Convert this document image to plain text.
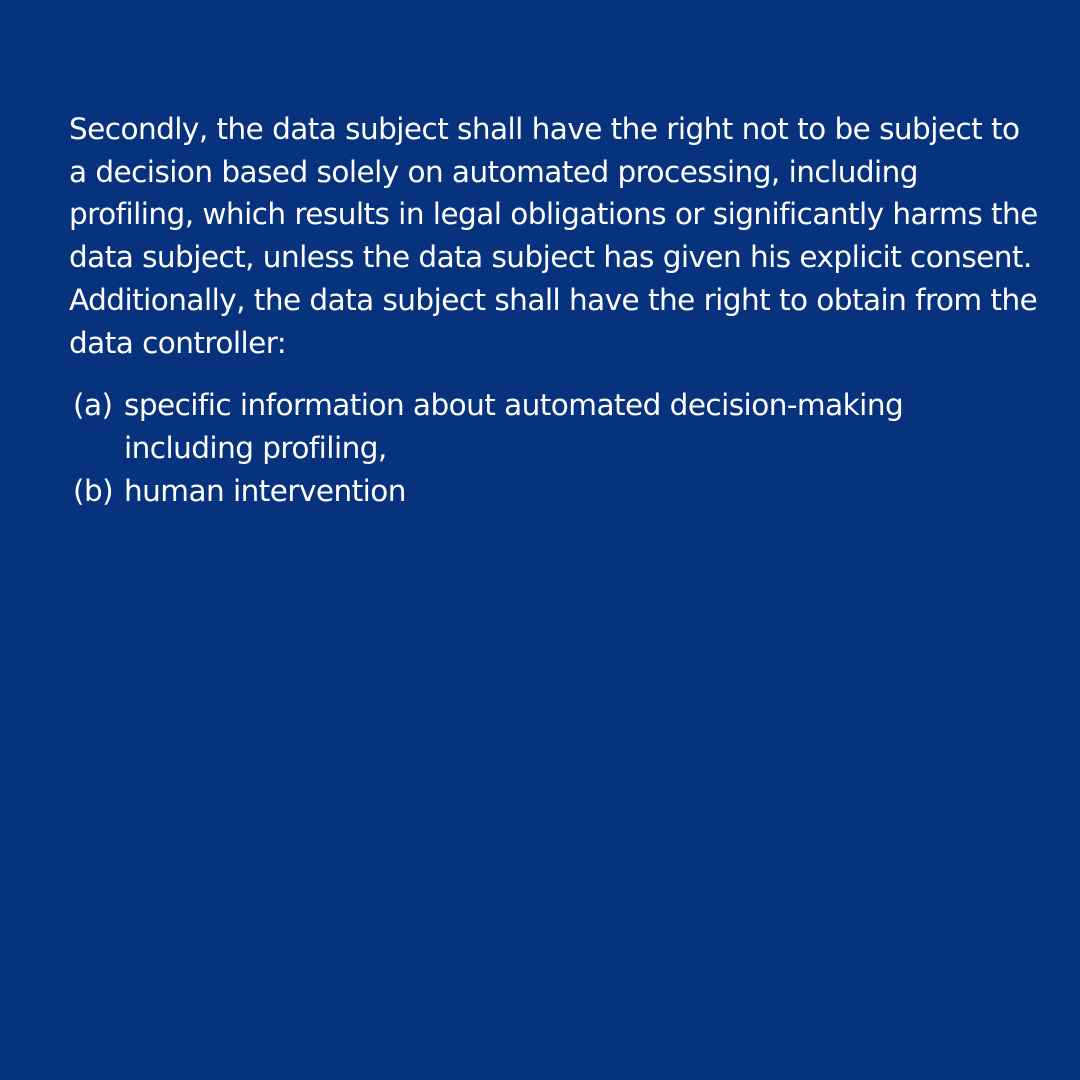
Secondly, the data subject shall have the right not to be subject to a decision based solely on automated processing, including profiling, which results in legal obligations or significantly harms the data subject, unless the data subject has given his explicit consent. Additionally, the data subject shall have the right to obtain from the data controller:

(a) specific information about automated decision-making including profiling,
(b) human intervention
